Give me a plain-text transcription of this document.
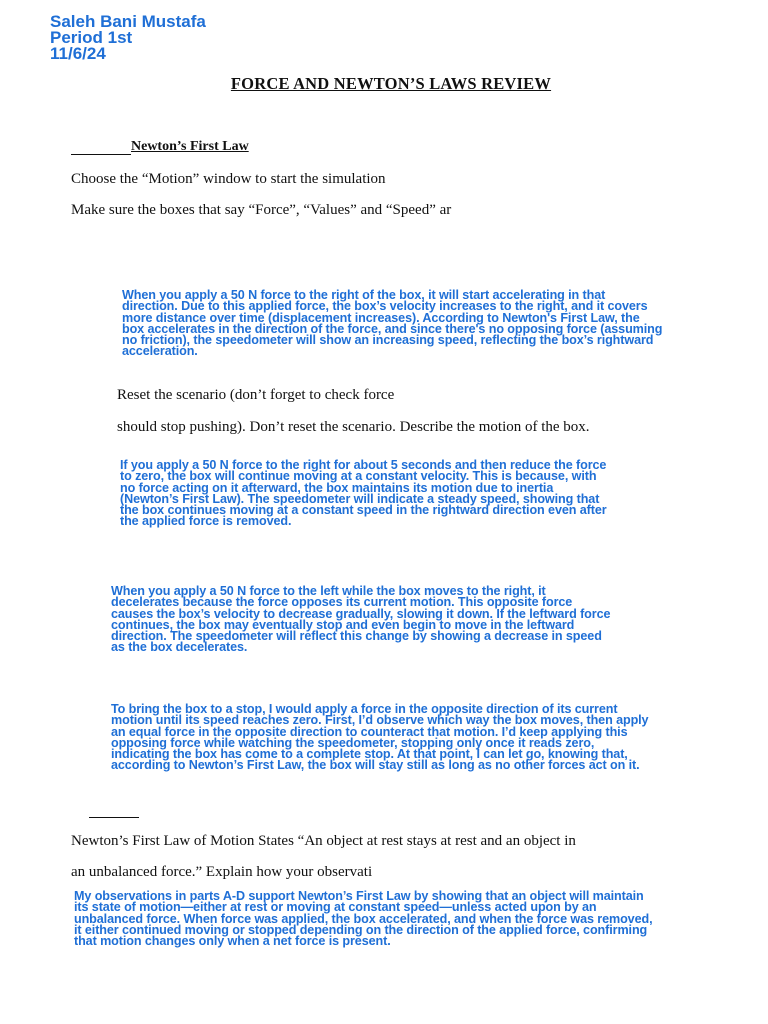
Saleh Bani Mustafa
Period 1st
11/6/24
FORCE AND NEWTON’S LAWS REVIEW
Newton’s First Law
Choose the “Motion” window to start the simulation
Make sure the boxes that say “Force”, “Values” and “Speed” ar
When you apply a 50 N force to the right of the box, it will start accelerating in that
direction. Due to this applied force, the box’s velocity increases to the right, and it covers
more distance over time (displacement increases). According to Newton's First Law, the
box accelerates in the direction of the force, and since there's no opposing force (assuming
no friction), the speedometer will show an increasing speed, reflecting the box’s rightward
acceleration.
Reset the scenario (don’t forget to check force
should stop pushing). Don’t reset the scenario. Describe the motion of the box.
If you apply a 50 N force to the right for about 5 seconds and then reduce the force
to zero, the box will continue moving at a constant velocity. This is because, with
no force acting on it afterward, the box maintains its motion due to inertia
(Newton’s First Law). The speedometer will indicate a steady speed, showing that
the box continues moving at a constant speed in the rightward direction even after
the applied force is removed.
When you apply a 50 N force to the left while the box moves to the right, it
decelerates because the force opposes its current motion. This opposite force
causes the box’s velocity to decrease gradually, slowing it down. If the leftward force
continues, the box may eventually stop and even begin to move in the leftward
direction. The speedometer will reflect this change by showing a decrease in speed
as the box decelerates.
To bring the box to a stop, I would apply a force in the opposite direction of its current
motion until its speed reaches zero. First, I’d observe which way the box moves, then apply
an equal force in the opposite direction to counteract that motion. I’d keep applying this
opposing force while watching the speedometer, stopping only once it reads zero,
indicating the box has come to a complete stop. At that point, I can let go, knowing that,
according to Newton’s First Law, the box will stay still as long as no other forces act on it.
Newton’s First Law of Motion States “An object at rest stays at rest and an object in
an unbalanced force.” Explain how your observati
My observations in parts A-D support Newton’s First Law by showing that an object will maintain
its state of motion—either at rest or moving at constant speed—unless acted upon by an
unbalanced force. When force was applied, the box accelerated, and when the force was removed,
it either continued moving or stopped depending on the direction of the applied force, confirming
that motion changes only when a net force is present.
